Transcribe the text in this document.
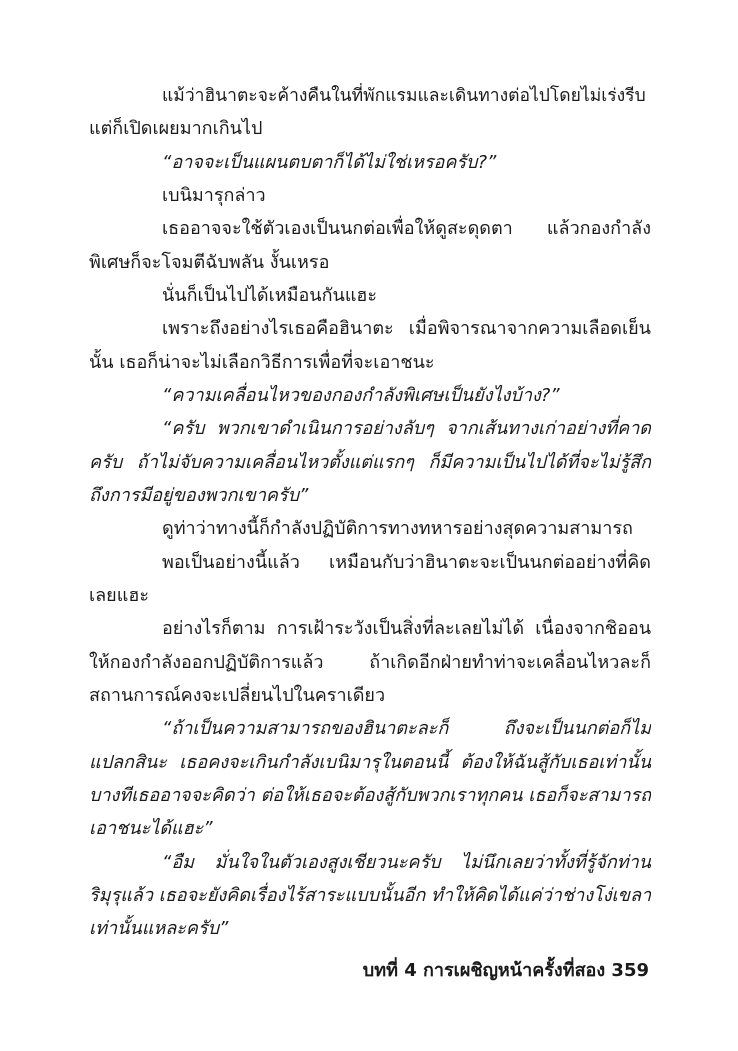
แม้ว่าฮินาตะจะค้างคืนในที่พักแรมและเดินทางต่อไปโดยไม่เร่งรีบ
แต่ก็เปิดเผยมากเกินไป
“อาจจะเป็นแผนตบตาก็ได้ไม่ใช่เหรอครับ?”
เบนิมารุกล่าว
เธออาจจะใช้ตัวเองเป็นนกต่อเพื่อให้ดูสะดุดตา แล้วกองกำลัง
พิเศษก็จะโจมตีฉับพลัน งั้นเหรอ
นั่นก็เป็นไปได้เหมือนกันแฮะ
เพราะถึงอย่างไรเธอคือฮินาตะ เมื่อพิจารณาจากความเลือดเย็น
นั้น เธอก็น่าจะไม่เลือกวิธีการเพื่อที่จะเอาชนะ
“ความเคลื่อนไหวของกองกำลังพิเศษเป็นยังไงบ้าง?”
“ครับ พวกเขาดำเนินการอย่างลับๆ จากเส้นทางเก่าอย่างที่คาด
ครับ ถ้าไม่จับความเคลื่อนไหวตั้งแต่แรกๆ ก็มีความเป็นไปได้ที่จะไม่รู้สึก
ถึงการมีอยู่ของพวกเขาครับ”
ดูท่าว่าทางนี้ก็กำลังปฏิบัติการทางทหารอย่างสุดความสามารถ
พอเป็นอย่างนี้แล้ว เหมือนกับว่าฮินาตะจะเป็นนกต่ออย่างที่คิด
เลยแฮะ
อย่างไรก็ตาม การเฝ้าระวังเป็นสิ่งที่ละเลยไม่ได้ เนื่องจากชิออน
ให้กองกำลังออกปฏิบัติการแล้ว ถ้าเกิดอีกฝ่ายทำท่าจะเคลื่อนไหวละก็
สถานการณ์คงจะเปลี่ยนไปในคราเดียว
“ถ้าเป็นความสามารถของฮินาตะละก็ ถึงจะเป็นนกต่อก็ไม่
แปลกสินะ เธอคงจะเกินกำลังเบนิมารุในตอนนี้ ต้องให้ฉันสู้กับเธอเท่านั้น
บางทีเธออาจจะคิดว่า ต่อให้เธอจะต้องสู้กับพวกเราทุกคน เธอก็จะสามารถ
เอาชนะได้แฮะ”
“อืม มั่นใจในตัวเองสูงเชียวนะครับ ไม่นึกเลยว่าทั้งที่รู้จักท่าน
ริมุรุแล้ว เธอจะยังคิดเรื่องไร้สาระแบบนั้นอีก ทำให้คิดได้แค่ว่าช่างโง่เขลา
เท่านั้นแหละครับ”
บทที่ 4 การเผชิญหน้าครั้งที่สอง 359
